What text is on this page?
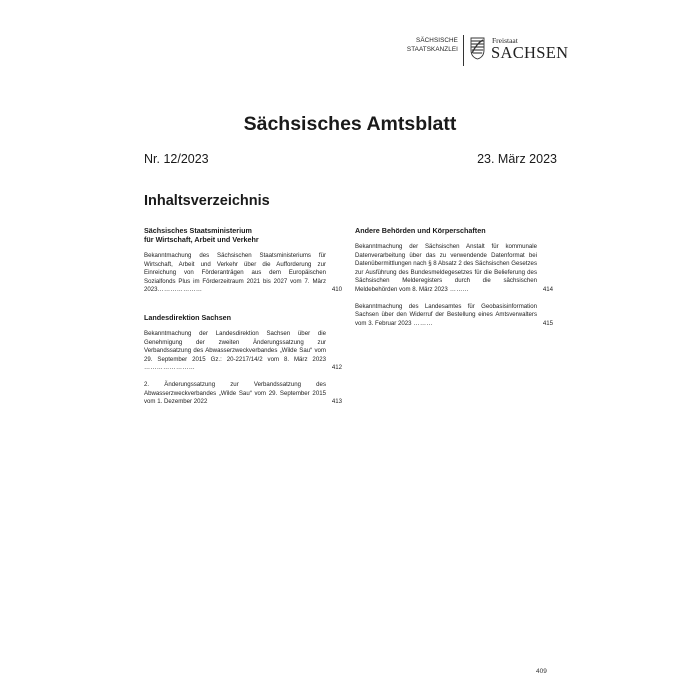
SÄCHSISCHE
STAATSKANZLEI
Freistaat
SACHSEN
Sächsisches Amtsblatt
Nr. 12/2023	23. März 2023
Inhaltsverzeichnis
Sächsisches Staatsministerium
für Wirtschaft, Arbeit und Verkehr
Bekanntmachung des Sächsischen Staatsministeriums für Wirtschaft, Arbeit und Verkehr über die Aufforderung zur Einreichung von Förderanträgen aus dem Europäischen Sozialfonds Plus im Förderzeitraum 2021 bis 2027 vom 7. März 2023…………………	410
Landesdirektion Sachsen
Bekanntmachung der Landesdirektion Sachsen über die Genehmigung der zweiten Änderungssatzung zur Verbandssatzung des Abwasserzweckverbandes „Wilde Sau“ vom 29. September 2015 Gz.: 20-2217/14/2 vom 8. März 2023 ……………………	412
2. Änderungssatzung zur Verbandssatzung des Abwasserzweckverbandes „Wilde Sau“ vom 29. September 2015 vom 1. Dezember 2022	413
Andere Behörden und Körperschaften
Bekanntmachung der Sächsischen Anstalt für kommunale Datenverarbeitung über das zu verwendende Datenformat bei Datenübermittlungen nach § 8 Absatz 2 des Sächsischen Gesetzes zur Ausführung des Bundesmeldegesetzes für die Belieferung des Sächsischen Melderegisters durch die sächsischen Meldebehörden vom 8. März 2023 ………	414
Bekanntmachung des Landesamtes für Geobasisinformation Sachsen über den Widerruf der Bestellung eines Amtsverwalters vom 3. Februar 2023 ………	415
409
